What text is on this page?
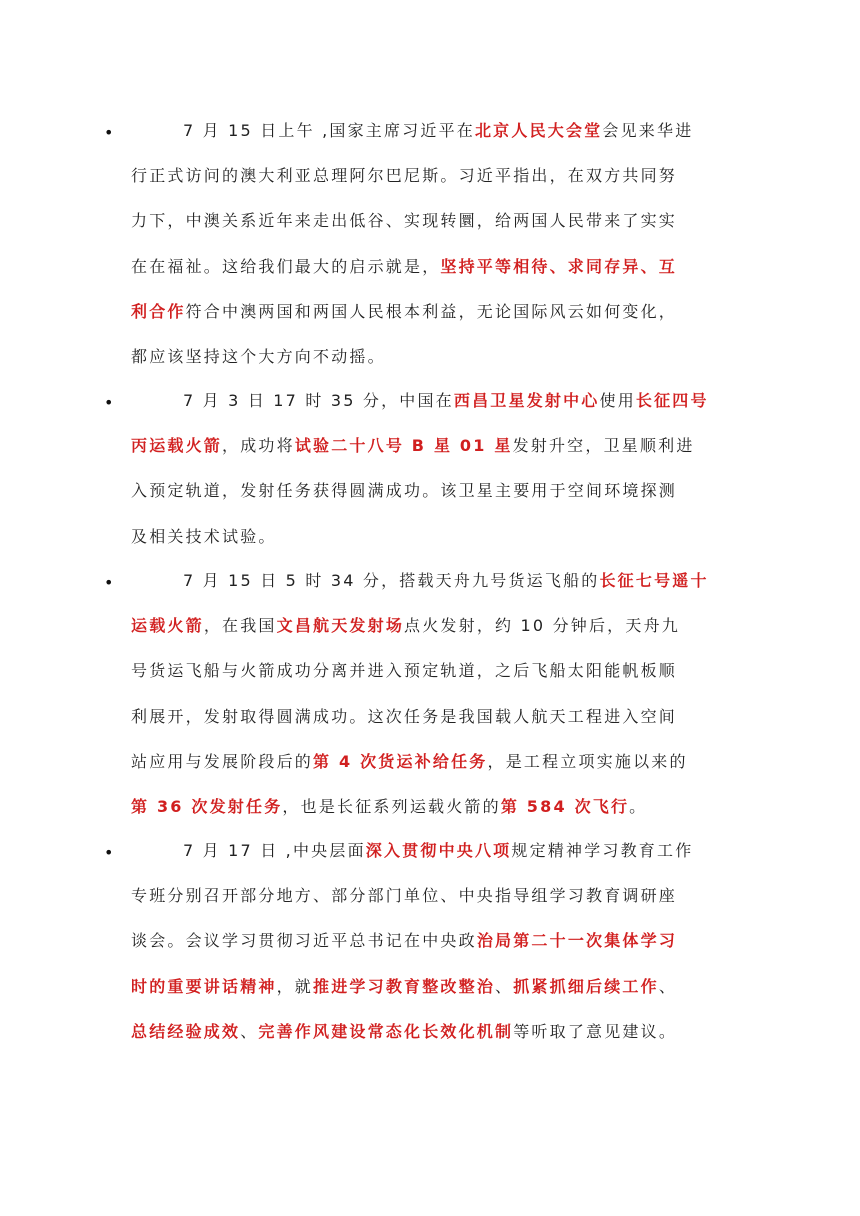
•	7 月 15 日上午 ,国家主席习近平在北京人民大会堂会见来华进
行正式访问的澳大利亚总理阿尔巴尼斯。习近平指出，在双方共同努
力下，中澳关系近年来走出低谷、实现转圜，给两国人民带来了实实
在在福祉。这给我们最大的启示就是，坚持平等相待、求同存异、互
利合作符合中澳两国和两国人民根本利益，无论国际风云如何变化，
都应该坚持这个大方向不动摇。
•	7 月 3 日 17 时 35 分，中国在西昌卫星发射中心使用长征四号
丙运载火箭，成功将试验二十八号 B 星 01 星发射升空，卫星顺利进
入预定轨道，发射任务获得圆满成功。该卫星主要用于空间环境探测
及相关技术试验。
•	7 月 15 日 5 时 34 分，搭载天舟九号货运飞船的长征七号遥十
运载火箭，在我国文昌航天发射场点火发射，约 10 分钟后，天舟九
号货运飞船与火箭成功分离并进入预定轨道，之后飞船太阳能帆板顺
利展开，发射取得圆满成功。这次任务是我国载人航天工程进入空间
站应用与发展阶段后的第 4 次货运补给任务，是工程立项实施以来的
第 36 次发射任务，也是长征系列运载火箭的第 584 次飞行。
•	7 月 17 日 ,中央层面深入贯彻中央八项规定精神学习教育工作
专班分别召开部分地方、部分部门单位、中央指导组学习教育调研座
谈会。会议学习贯彻习近平总书记在中央政治局第二十一次集体学习
时的重要讲话精神，就推进学习教育整改整治、抓紧抓细后续工作、
总结经验成效、完善作风建设常态化长效化机制等听取了意见建议。
